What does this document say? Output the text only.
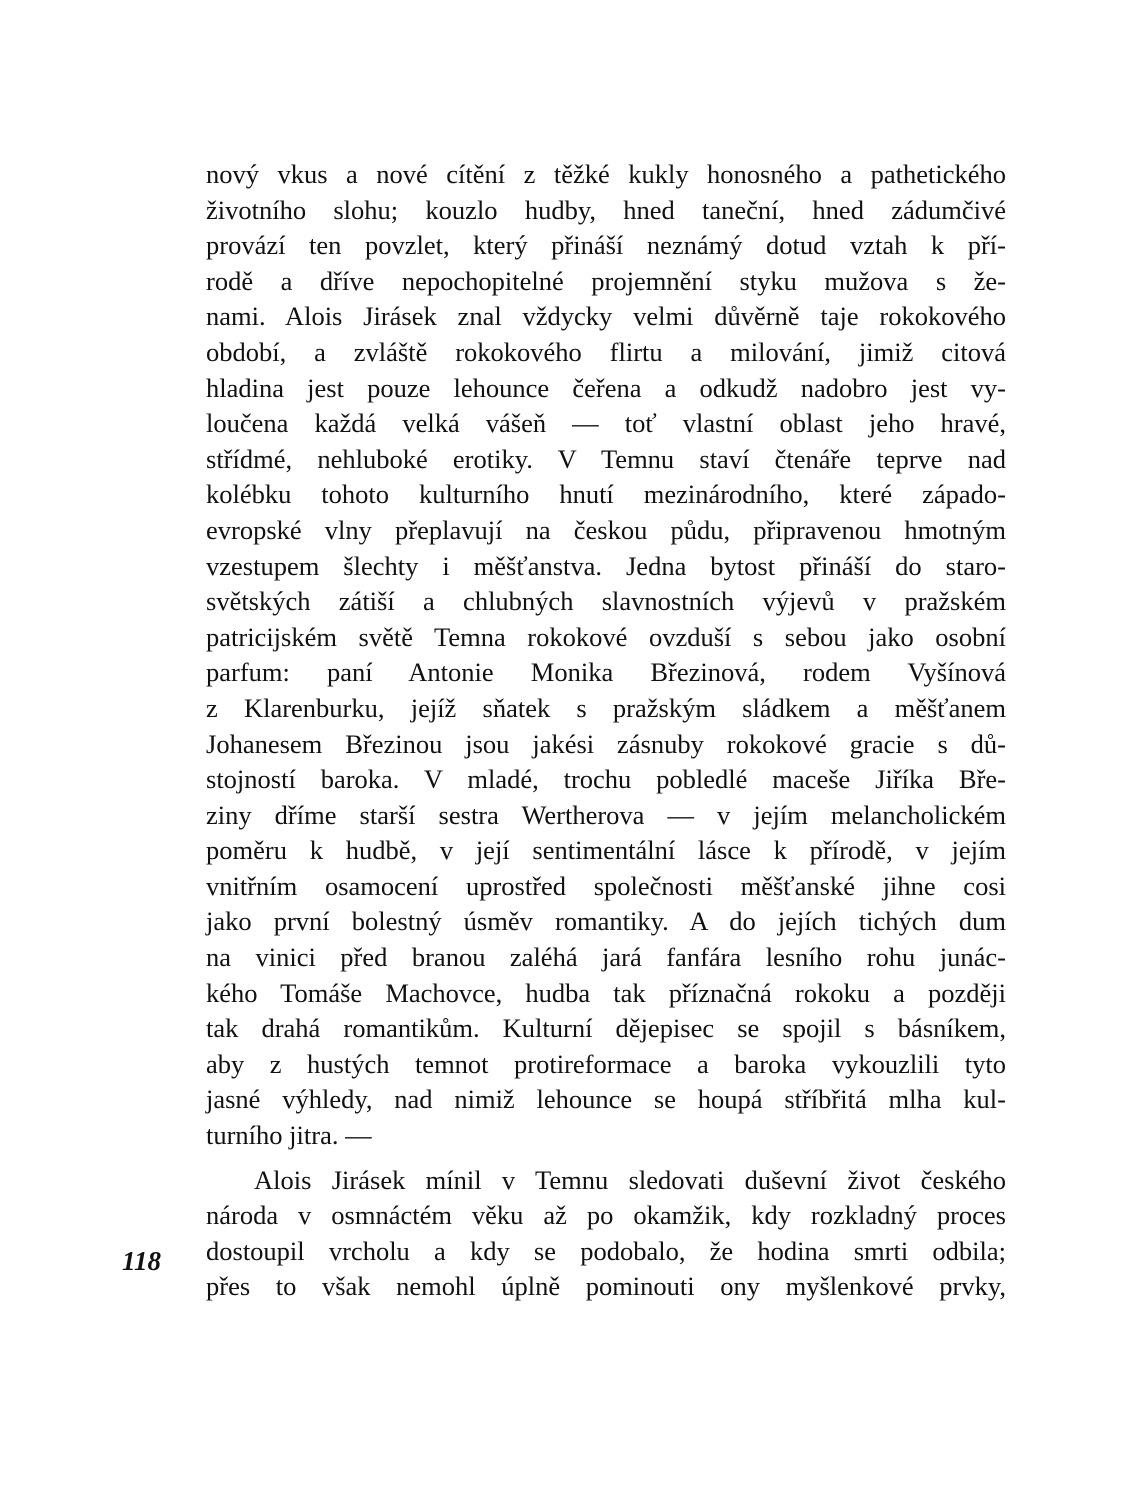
nový vkus a nové cítění z těžké kukly honosného a pathetického
životního slohu; kouzlo hudby, hned taneční, hned zádumčivé
provází ten povzlet, který přináší neznámý dotud vztah k pří-
rodě a dříve nepochopitelné projemnění styku mužova s že-
nami. Alois Jirásek znal vždycky velmi důvěrně taje rokokového
období, a zvláště rokokového flirtu a milování, jimiž citová
hladina jest pouze lehounce čeřena a odkudž nadobro jest vy-
loučena každá velká vášeň — toť vlastní oblast jeho hravé,
střídmé, nehluboké erotiky. V Temnu staví čtenáře teprve nad
kolébku tohoto kulturního hnutí mezinárodního, které západo-
evropské vlny přeplavují na českou půdu, připravenou hmotným
vzestupem šlechty i měšťanstva. Jedna bytost přináší do staro-
světských zátiší a chlubných slavnostních výjevů v pražském
patricijském světě Temna rokokové ovzduší s sebou jako osobní
parfum: paní Antonie Monika Březinová, rodem Vyšínová
z Klarenburku, jejíž sňatek s pražským sládkem a měšťanem
Johanesem Březinou jsou jakési zásnuby rokokové gracie s dů-
stojností baroka. V mladé, trochu pobledlé maceše Jiříka Bře-
ziny dříme starší sestra Wertherova — v jejím melancholickém
poměru k hudbě, v její sentimentální lásce k přírodě, v jejím
vnitřním osamocení uprostřed společnosti měšťanské jihne cosi
jako první bolestný úsměv romantiky. A do jejích tichých dum
na vinici před branou zaléhá jará fanfára lesního rohu junác-
kého Tomáše Machovce, hudba tak příznačná rokoku a později
tak drahá romantikům. Kulturní dějepisec se spojil s básníkem,
aby z hustých temnot protireformace a baroka vykouzlili tyto
jasné výhledy, nad nimiž lehounce se houpá stříbřitá mlha kul-
turního jitra. —
Alois Jirásek mínil v Temnu sledovati duševní život českého
národa v osmnáctém věku až po okamžik, kdy rozkladný proces
dostoupil vrcholu a kdy se podobalo, že hodina smrti odbila;
přes to však nemohl úplně pominouti ony myšlenkové prvky,
118
